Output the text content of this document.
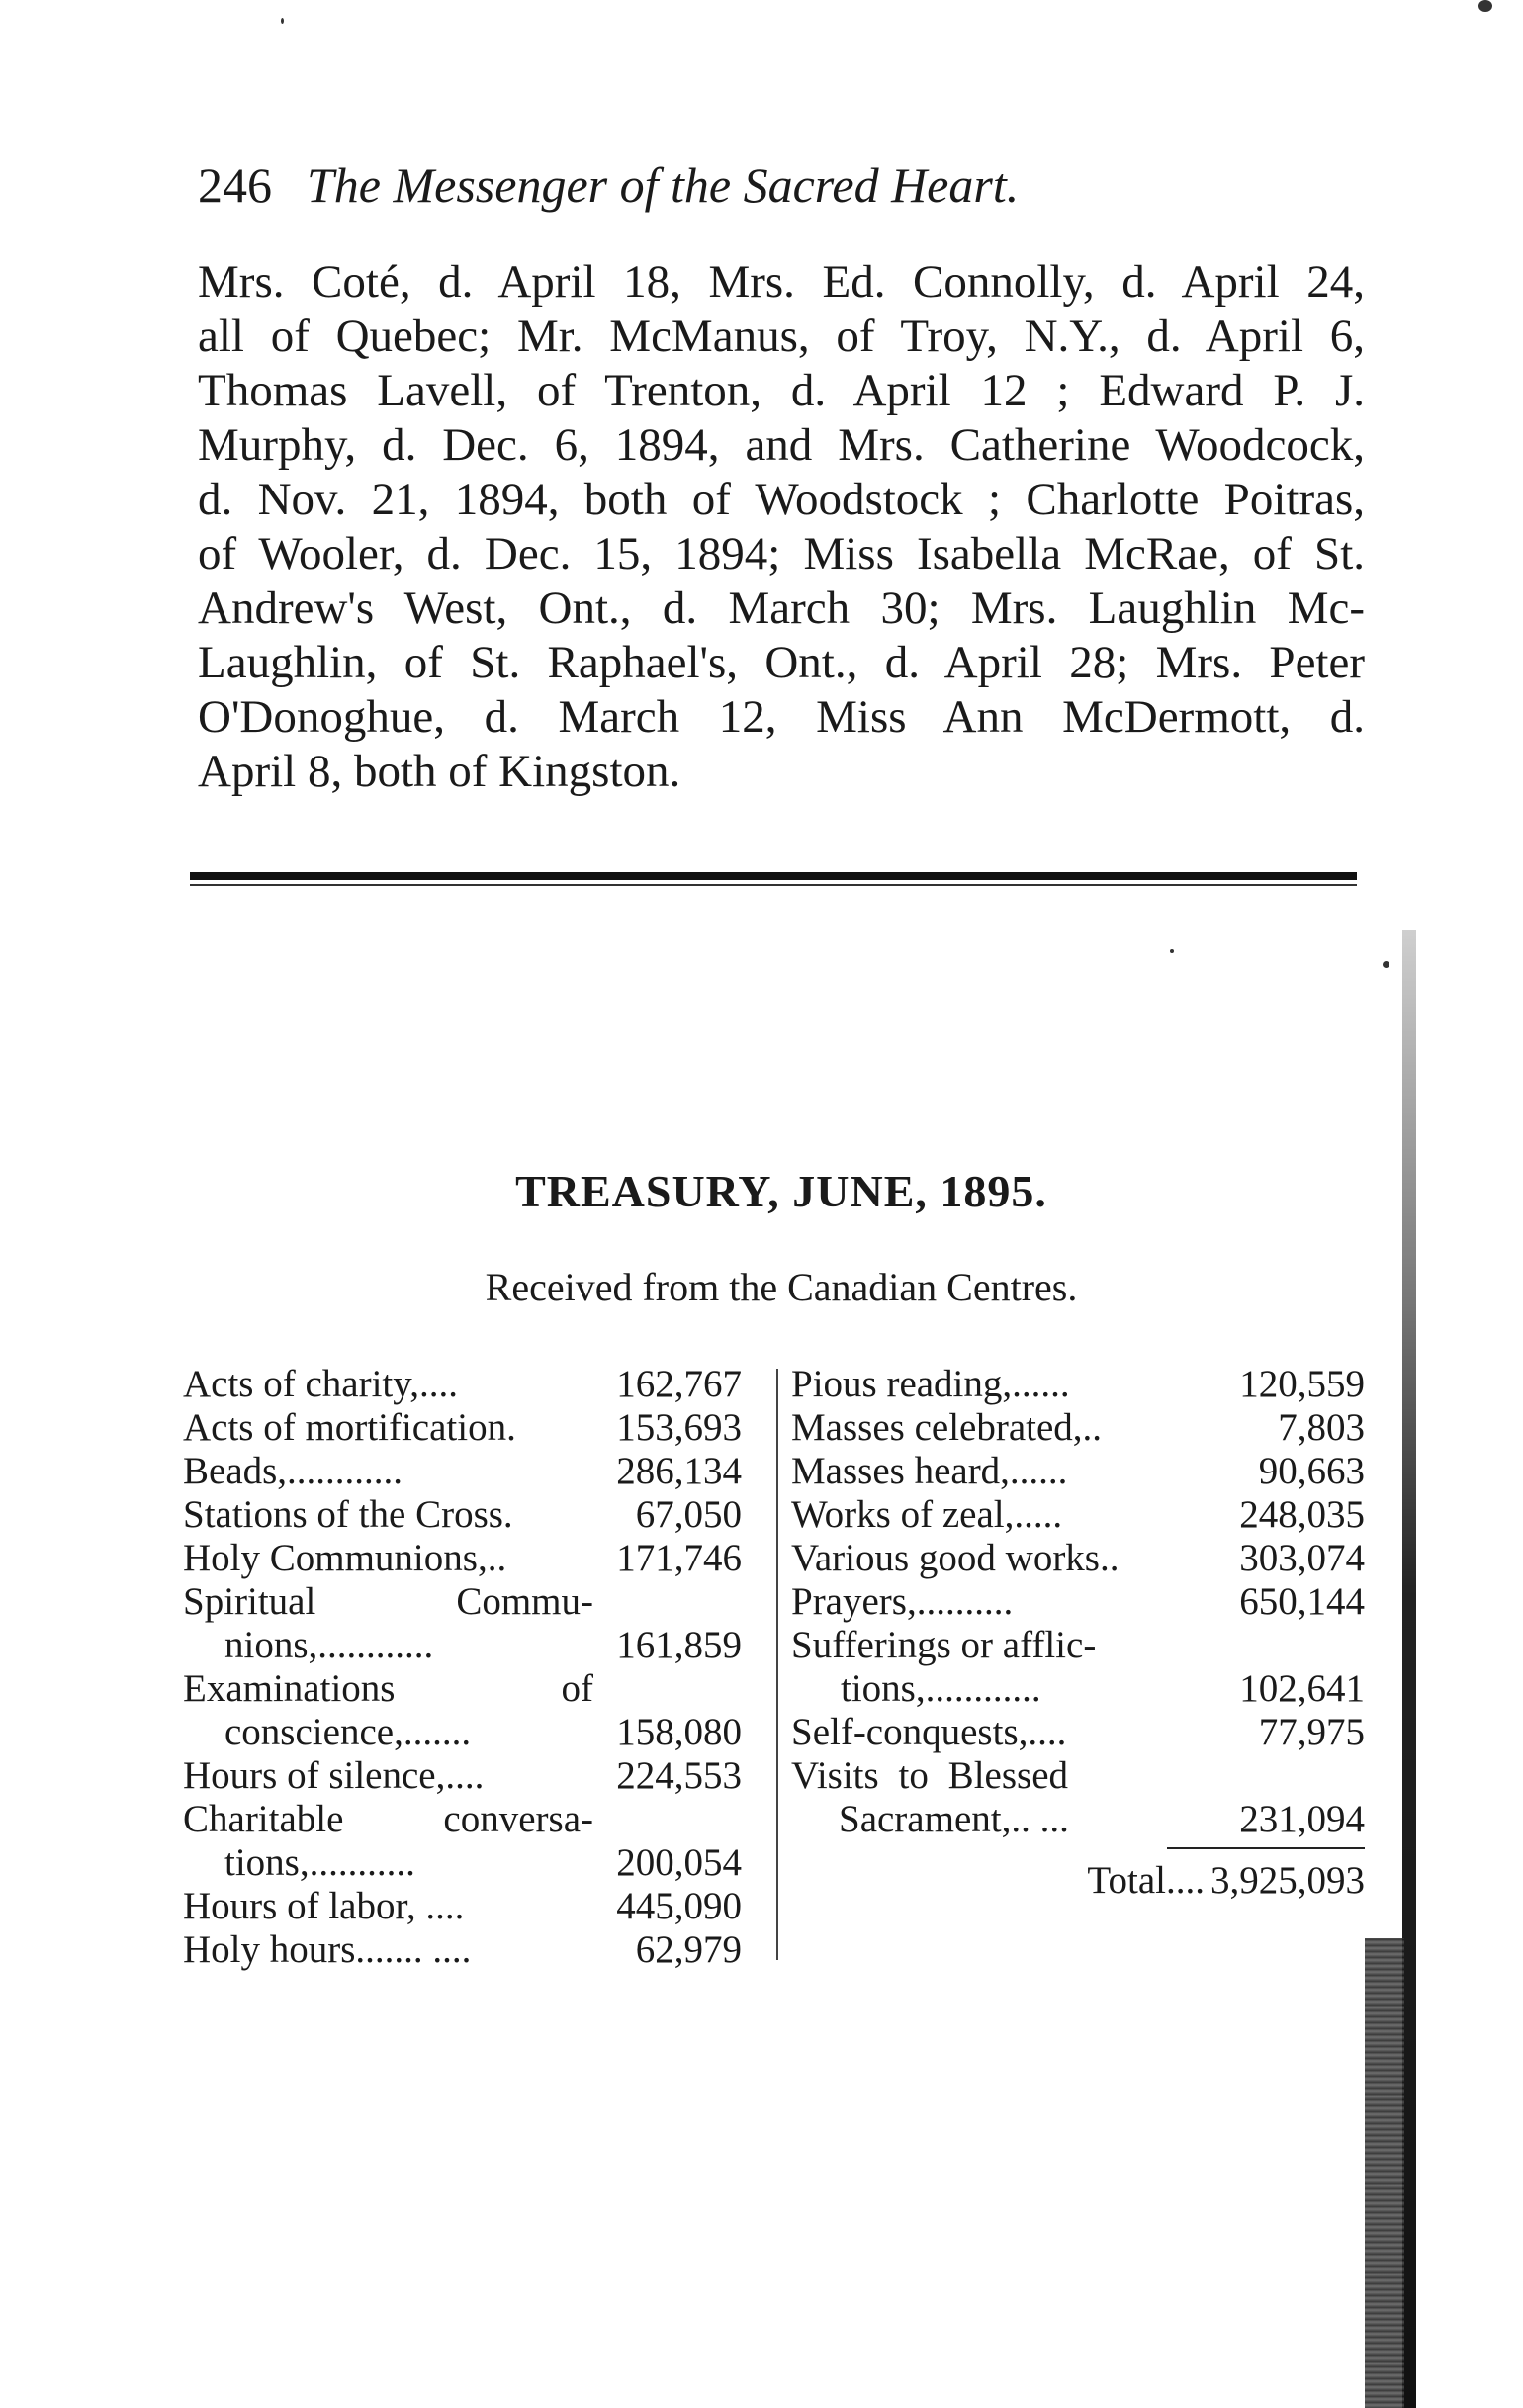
246 The Messenger of the Sacred Heart.
Mrs. Coté, d. April 18, Mrs. Ed. Connolly, d. April 24,
all of Quebec; Mr. McManus, of Troy, N.Y., d. April 6,
Thomas Lavell, of Trenton, d. April 12 ; Edward P. J.
Murphy, d. Dec. 6, 1894, and Mrs. Catherine Woodcock,
d. Nov. 21, 1894, both of Woodstock ; Charlotte Poitras,
of Wooler, d. Dec. 15, 1894; Miss Isabella McRae, of St.
Andrew's West, Ont., d. March 30; Mrs. Laughlin Mc-
Laughlin, of St. Raphael's, Ont., d. April 28; Mrs. Peter
O'Donoghue, d. March 12, Miss Ann McDermott, d.
April 8, both of Kingston.
TREASURY, JUNE, 1895.
Received from the Canadian Centres.
Acts of charity,....	162,767
Acts of mortification.	153,693
Beads,............	286,134
Stations of the Cross.	67,050
Holy Communions,..	171,746
Spiritual Commu-
nions,............	161,859
Examinations of
conscience,.......	158,080
Hours of silence,....	224,553
Charitable conversa-
tions,...........	200,054
Hours of labor, ....	445,090
Holy hours....... ....	62,979
Pious reading,......	120,559
Masses celebrated,..	7,803
Masses heard,......	90,663
Works of zeal,.....	248,035
Various good works..	303,074
Prayers,..........	650,144
Sufferings or afflic-
tions,............	102,641
Self-conquests,....	77,975
Visits to Blessed
Sacrament,.. ...	231,094
Total.... 3,925,093
